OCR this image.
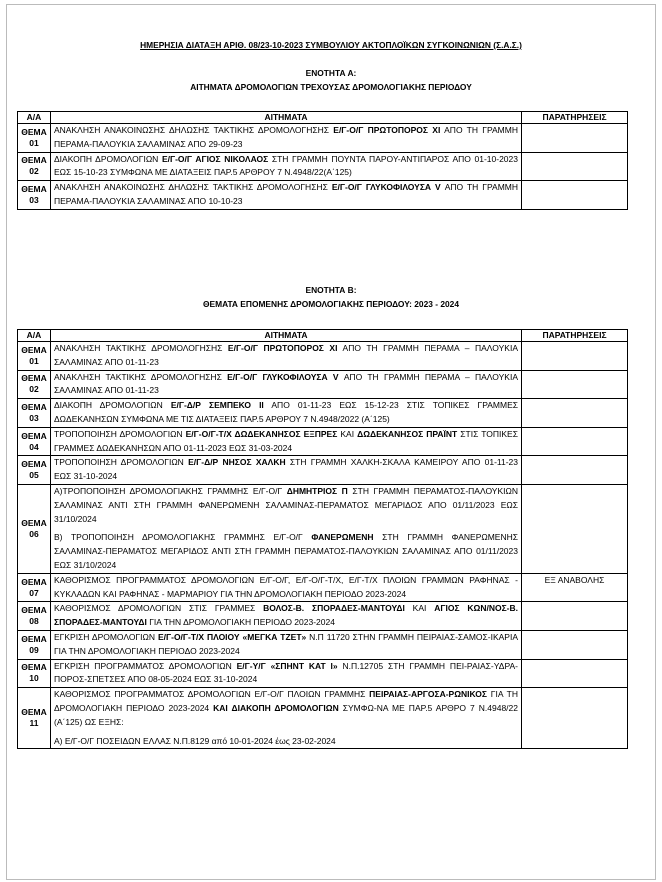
ΗΜΕΡΗΣΙΑ ΔΙΑΤΑΞΗ ΑΡΙΘ. 08/23-10-2023 ΣΥΜΒΟΥΛΙΟΥ ΑΚΤΟΠΛΟΪΚΩΝ ΣΥΓΚΟΙΝΩΝΙΩΝ (Σ.Α.Σ.)
ΕΝΟΤΗΤΑ Α:
ΑΙΤΗΜΑΤΑ ΔΡΟΜΟΛΟΓΙΩΝ ΤΡΕΧΟΥΣΑΣ ΔΡΟΜΟΛΟΓΙΑΚΗΣ ΠΕΡΙΟΔΟΥ
Α/Α	ΑΙΤΗΜΑΤΑ	ΠΑΡΑΤΗΡΗΣΕΙΣ
ΘΕΜΑ
01	ΑΝΑΚΛΗΣΗ ΑΝΑΚΟΙΝΩΣΗΣ ΔΗΛΩΣΗΣ ΤΑΚΤΙΚΗΣ ΔΡΟΜΟΛΟΓΗΣΗΣ Ε/Γ-Ο/Γ ΠΡΩΤΟΠΟΡΟΣ ΧΙ ΑΠΟ ΤΗ ΓΡΑΜΜΗ ΠΕΡΑΜΑ-ΠΑΛΟΥΚΙΑ ΣΑΛΑΜΙΝΑΣ ΑΠΟ 29-09-23	
ΘΕΜΑ
02	ΔΙΑΚΟΠΗ ΔΡΟΜΟΛΟΓΙΩΝ Ε/Γ-Ο/Γ ΑΓΙΟΣ ΝΙΚΟΛΑΟΣ ΣΤΗ ΓΡΑΜΜΗ ΠΟΥΝΤΑ ΠΑΡΟΥ-ΑΝΤΙΠΑΡΟΣ ΑΠΟ 01-10-2023 ΕΩΣ 15-10-23 ΣΥΜΦΩΝΑ ΜΕ ΔΙΑΤΑΞΕΙΣ ΠΑΡ.5 ΑΡΘΡΟΥ 7 Ν.4948/22(Α΄125)	
ΘΕΜΑ
03	ΑΝΑΚΛΗΣΗ ΑΝΑΚΟΙΝΩΣΗΣ ΔΗΛΩΣΗΣ ΤΑΚΤΙΚΗΣ ΔΡΟΜΟΛΟΓΗΣΗΣ Ε/Γ-Ο/Γ ΓΛΥΚΟΦΙΛΟΥΣΑ V ΑΠΟ ΤΗ ΓΡΑΜΜΗ ΠΕΡΑΜΑ-ΠΑΛΟΥΚΙΑ ΣΑΛΑΜΙΝΑΣ ΑΠΟ 10-10-23	
ΕΝΟΤΗΤΑ Β:
ΘΕΜΑΤΑ ΕΠΟΜΕΝΗΣ ΔΡΟΜΟΛΟΓΙΑΚΗΣ ΠΕΡΙΟΔΟΥ: 2023 - 2024
Α/Α	ΑΙΤΗΜΑΤΑ	ΠΑΡΑΤΗΡΗΣΕΙΣ
ΘΕΜΑ
01	ΑΝΑΚΛΗΣΗ ΤΑΚΤΙΚΗΣ ΔΡΟΜΟΛΟΓΗΣΗΣ Ε/Γ-Ο/Γ ΠΡΩΤΟΠΟΡΟΣ ΧΙ ΑΠΟ ΤΗ ΓΡΑΜΜΗ ΠΕΡΑΜΑ – ΠΑΛΟΥΚΙΑ ΣΑΛΑΜΙΝΑΣ ΑΠΟ 01-11-23	
ΘΕΜΑ
02	ΑΝΑΚΛΗΣΗ ΤΑΚΤΙΚΗΣ ΔΡΟΜΟΛΟΓΗΣΗΣ Ε/Γ-Ο/Γ ΓΛΥΚΟΦΙΛΟΥΣΑ V ΑΠΟ ΤΗ ΓΡΑΜΜΗ ΠΕΡΑΜΑ – ΠΑΛΟΥΚΙΑ ΣΑΛΑΜΙΝΑΣ ΑΠΟ 01-11-23	
ΘΕΜΑ
03	ΔΙΑΚΟΠΗ ΔΡΟΜΟΛΟΓΙΩΝ Ε/Γ-Δ/Ρ ΣΕΜΠΕΚΟ ΙΙ ΑΠΟ 01-11-23 ΕΩΣ 15-12-23 ΣΤΙΣ ΤΟΠΙΚΕΣ ΓΡΑΜΜΕΣ ΔΩΔΕΚΑΝΗΣΩΝ ΣΥΜΦΩΝΑ ΜΕ ΤΙΣ ΔΙΑΤΑΞΕΙΣ ΠΑΡ.5 ΑΡΘΡΟΥ 7 Ν.4948/2022 (Α΄125)	
ΘΕΜΑ
04	ΤΡΟΠΟΠΟΙΗΣΗ ΔΡΟΜΟΛΟΓΙΩΝ Ε/Γ-Ο/Γ-Τ/Χ ΔΩΔΕΚΑΝΗΣΟΣ ΕΞΠΡΕΣ ΚΑΙ ΔΩΔΕΚΑΝΗΣΟΣ ΠΡΑΪΝΤ ΣΤΙΣ ΤΟΠΙΚΕΣ ΓΡΑΜΜΕΣ ΔΩΔΕΚΑΝΗΣΩΝ ΑΠΟ 01-11-2023 ΕΩΣ 31-03-2024	
ΘΕΜΑ
05	ΤΡΟΠΟΠΟΙΗΣΗ ΔΡΟΜΟΛΟΓΙΩΝ Ε/Γ-Δ/Ρ ΝΗΣΟΣ ΧΑΛΚΗ ΣΤΗ ΓΡΑΜΜΗ ΧΑΛΚΗ-ΣΚΑΛΑ ΚΑΜΕΙΡΟΥ ΑΠΟ 01-11-23 ΕΩΣ 31-10-2024	
ΘΕΜΑ
06	Α)ΤΡΟΠΟΠΟΙΗΣΗ ΔΡΟΜΟΛΟΓΙΑΚΗΣ ΓΡΑΜΜΗΣ Ε/Γ-Ο/Γ ΔΗΜΗΤΡΙΟΣ Π ΣΤΗ ΓΡΑΜΜΗ ΠΕΡΑΜΑΤΟΣ-ΠΑΛΟΥΚΙΩΝ ΣΑΛΑΜΙΝΑΣ ΑΝΤΙ ΣΤΗ ΓΡΑΜΜΗ ΦΑΝΕΡΩΜΕΝΗ ΣΑΛΑΜΙΝΑΣ-ΠΕΡΑΜΑΤΟΣ ΜΕΓΑΡΙΔΟΣ ΑΠΟ 01/11/2023 ΕΩΣ 31/10/2024
Β) ΤΡΟΠΟΠΟΙΗΣΗ ΔΡΟΜΟΛΟΓΙΑΚΗΣ ΓΡΑΜΜΗΣ Ε/Γ-Ο/Γ ΦΑΝΕΡΩΜΕΝΗ ΣΤΗ ΓΡΑΜΜΗ ΦΑΝΕΡΩΜΕΝΗΣ ΣΑΛΑΜΙΝΑΣ-ΠΕΡΑΜΑΤΟΣ ΜΕΓΑΡΙΔΟΣ ΑΝΤΙ ΣΤΗ ΓΡΑΜΜΗ ΠΕΡΑΜΑΤΟΣ-ΠΑΛΟΥΚΙΩΝ ΣΑΛΑΜΙΝΑΣ ΑΠΟ 01/11/2023 ΕΩΣ 31/10/2024	
ΘΕΜΑ
07	ΚΑΘΟΡΙΣΜΟΣ ΠΡΟΓΡΑΜΜΑΤΟΣ ΔΡΟΜΟΛΟΓΙΩΝ Ε/Γ-Ο/Γ, Ε/Γ-Ο/Γ-Τ/Χ, Ε/Γ-Τ/Χ ΠΛΟΙΩΝ ΓΡΑΜΜΩΝ ΡΑΦΗΝΑΣ - ΚΥΚΛΑΔΩΝ ΚΑΙ ΡΑΦΗΝΑΣ - ΜΑΡΜΑΡΙΟΥ ΓΙΑ ΤΗΝ ΔΡΟΜΟΛΟΓΙΑΚΗ ΠΕΡΙΟΔΟ 2023-2024	ΕΞ ΑΝΑΒΟΛΗΣ
ΘΕΜΑ
08	ΚΑΘΟΡΙΣΜΟΣ ΔΡΟΜΟΛΟΓΙΩΝ ΣΤΙΣ ΓΡΑΜΜΕΣ ΒΟΛΟΣ-Β. ΣΠΟΡΑΔΕΣ-ΜΑΝΤΟΥΔΙ ΚΑΙ ΑΓΙΟΣ ΚΩΝ/ΝΟΣ-Β. ΣΠΟΡΑΔΕΣ-ΜΑΝΤΟΥΔΙ ΓΙΑ ΤΗΝ ΔΡΟΜΟΛΟΓΙΑΚΗ ΠΕΡΙΟΔΟ 2023-2024	
ΘΕΜΑ
09	ΕΓΚΡΙΣΗ ΔΡΟΜΟΛΟΓΙΩΝ Ε/Γ-Ο/Γ-Τ/Χ ΠΛΟΙΟΥ «ΜΕΓΚΑ ΤΖΕΤ» Ν.Π 11720 ΣΤΗΝ ΓΡΑΜΜΗ ΠΕΙΡΑΙΑΣ-ΣΑΜΟΣ-ΙΚΑΡΙΑ ΓΙΑ ΤΗΝ ΔΡΟΜΟΛΟΓΙΑΚΗ ΠΕΡΙΟΔΟ 2023-2024	
ΘΕΜΑ
10	ΕΓΚΡΙΣΗ ΠΡΟΓΡΑΜΜΑΤΟΣ ΔΡΟΜΟΛΟΓΙΩΝ Ε/Γ-Υ/Γ «ΣΠΗΝΤ ΚΑΤ Ι» Ν.Π.12705 ΣΤΗ ΓΡΑΜΜΗ ΠΕΙ-ΡΑΙΑΣ-ΥΔΡΑ-ΠΟΡΟΣ-ΣΠΕΤΣΕΣ ΑΠΟ 08-05-2024 ΕΩΣ 31-10-2024	
ΘΕΜΑ
11	ΚΑΘΟΡΙΣΜΟΣ ΠΡΟΓΡΑΜΜΑΤΟΣ ΔΡΟΜΟΛΟΓΙΩΝ Ε/Γ-Ο/Γ ΠΛΟΙΩΝ ΓΡΑΜΜΗΣ ΠΕΙΡΑΙΑΣ-ΑΡΓΟΣΑ-ΡΩΝΙΚΟΣ ΓΙΑ ΤΗ ΔΡΟΜΟΛΟΓΙΑΚΗ ΠΕΡΙΟΔΟ 2023-2024 ΚΑΙ ΔΙΑΚΟΠΗ ΔΡΟΜΟΛΟΓΙΩΝ ΣΥΜΦΩ-ΝΑ ΜΕ ΠΑΡ.5 ΑΡΘΡΟ 7 Ν.4948/22 (Α΄125) ΩΣ ΕΞΗΣ:
Α) Ε/Γ-Ο/Γ ΠΟΣΕΙΔΩΝ ΕΛΛΑΣ Ν.Π.8129 από 10-01-2024 έως 23-02-2024	
